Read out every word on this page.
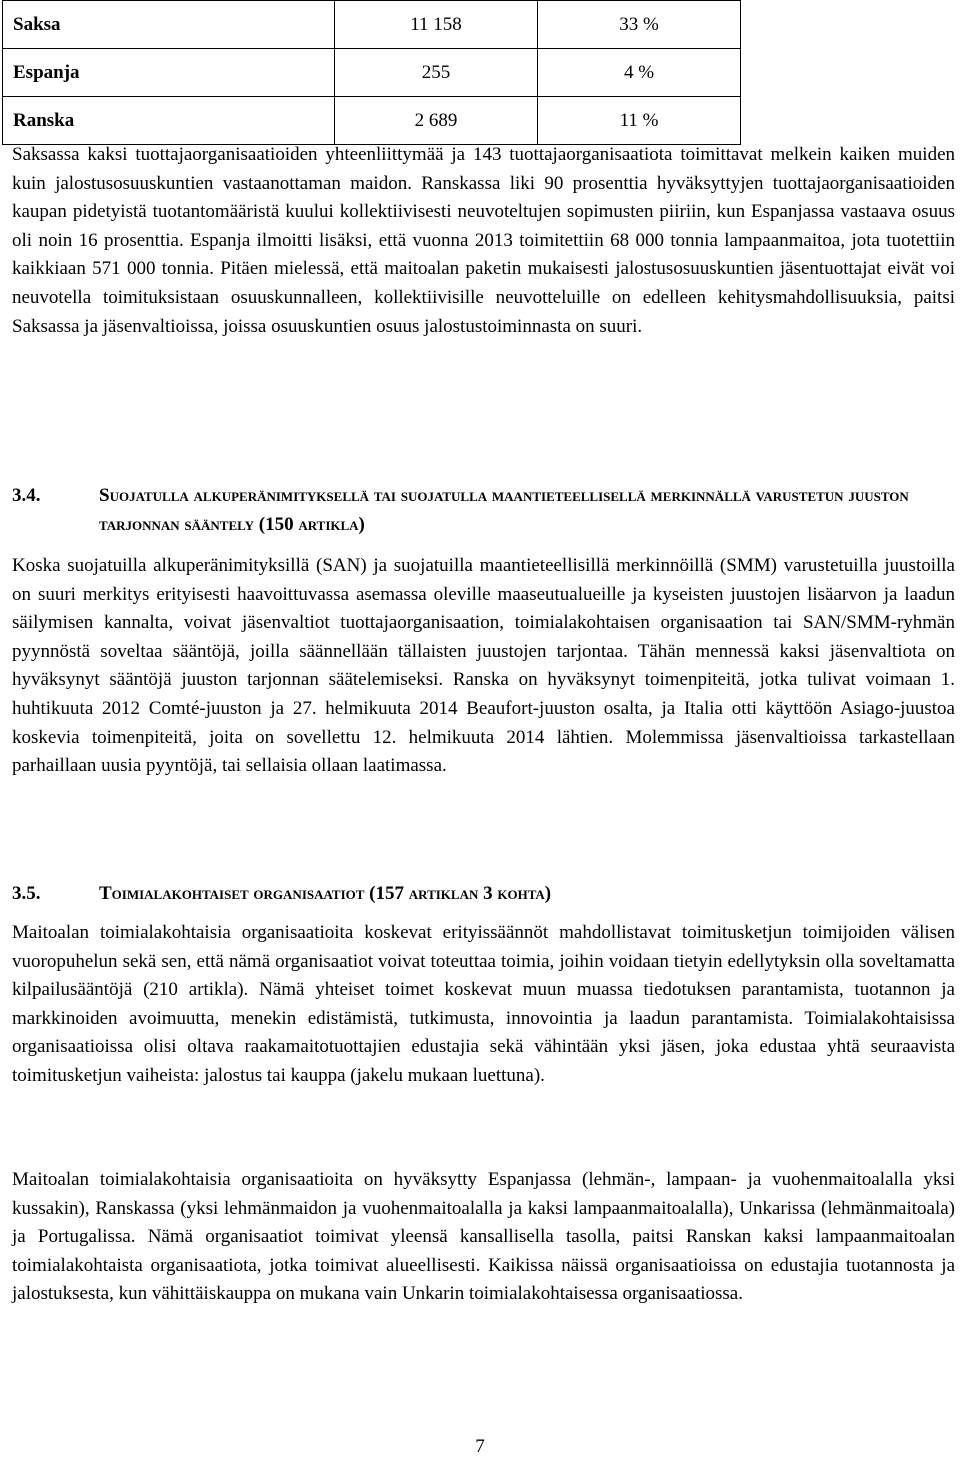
Saksa	11 158	33 %
Espanja	255	4 %
Ranska	2 689	11 %

Saksassa kaksi tuottajaorganisaatioiden yhteenliittymää ja 143 tuottajaorganisaatiota toimittavat melkein kaiken muiden kuin jalostusosuuskuntien vastaanottaman maidon. Ranskassa liki 90 prosenttia hyväksyttyjen tuottajaorganisaatioiden kaupan pidetyistä tuotantomääristä kuului kollektiivisesti neuvoteltujen sopimusten piiriin, kun Espanjassa vastaava osuus oli noin 16 prosenttia. Espanja ilmoitti lisäksi, että vuonna 2013 toimitettiin 68 000 tonnia lampaanmaitoa, jota tuotettiin kaikkiaan 571 000 tonnia. Pitäen mielessä, että maitoalan paketin mukaisesti jalostusosuuskuntien jäsentuottajat eivät voi neuvotella toimituksistaan osuuskunnalleen, kollektiivisille neuvotteluille on edelleen kehitysmahdollisuuksia, paitsi Saksassa ja jäsenvaltioissa, joissa osuuskuntien osuus jalostustoiminnasta on suuri.

3.4.	Suojatulla alkuperänimityksellä tai suojatulla maantieteellisellä merkinnällä varustetun juuston tarjonnan sääntely (150 artikla)

Koska suojatuilla alkuperänimityksillä (SAN) ja suojatuilla maantieteellisillä merkinnöillä (SMM) varustetuilla juustoilla on suuri merkitys erityisesti haavoittuvassa asemassa oleville maaseutualueille ja kyseisten juustojen lisäarvon ja laadun säilymisen kannalta, voivat jäsenvaltiot tuottajaorganisaation, toimialakohtaisen organisaation tai SAN/SMM-ryhmän pyynnöstä soveltaa sääntöjä, joilla säännellään tällaisten juustojen tarjontaa. Tähän mennessä kaksi jäsenvaltiota on hyväksynyt sääntöjä juuston tarjonnan säätelemiseksi. Ranska on hyväksynyt toimenpiteitä, jotka tulivat voimaan 1. huhtikuuta 2012 Comté-juuston ja 27. helmikuuta 2014 Beaufort-juuston osalta, ja Italia otti käyttöön Asiago-juustoa koskevia toimenpiteitä, joita on sovellettu 12. helmikuuta 2014 lähtien. Molemmissa jäsenvaltioissa tarkastellaan parhaillaan uusia pyyntöjä, tai sellaisia ollaan laatimassa.

3.5.	Toimialakohtaiset organisaatiot (157 artiklan 3 kohta)

Maitoalan toimialakohtaisia organisaatioita koskevat erityissäännöt mahdollistavat toimitusketjun toimijoiden välisen vuoropuhelun sekä sen, että nämä organisaatiot voivat toteuttaa toimia, joihin voidaan tietyin edellytyksin olla soveltamatta kilpailusääntöjä (210 artikla). Nämä yhteiset toimet koskevat muun muassa tiedotuksen parantamista, tuotannon ja markkinoiden avoimuutta, menekin edistämistä, tutkimusta, innovointia ja laadun parantamista. Toimialakohtaisissa organisaatioissa olisi oltava raakamaitotuottajien edustajia sekä vähintään yksi jäsen, joka edustaa yhtä seuraavista toimitusketjun vaiheista: jalostus tai kauppa (jakelu mukaan luettuna).

Maitoalan toimialakohtaisia organisaatioita on hyväksytty Espanjassa (lehmän-, lampaan- ja vuohenmaitoalalla yksi kussakin), Ranskassa (yksi lehmänmaidon ja vuohenmaitoalalla ja kaksi lampaanmaitoalalla), Unkarissa (lehmänmaitoala) ja Portugalissa. Nämä organisaatiot toimivat yleensä kansallisella tasolla, paitsi Ranskan kaksi lampaanmaitoalan toimialakohtaista organisaatiota, jotka toimivat alueellisesti. Kaikissa näissä organisaatioissa on edustajia tuotannosta ja jalostuksesta, kun vähittäiskauppa on mukana vain Unkarin toimialakohtaisessa organisaatiossa.

7
